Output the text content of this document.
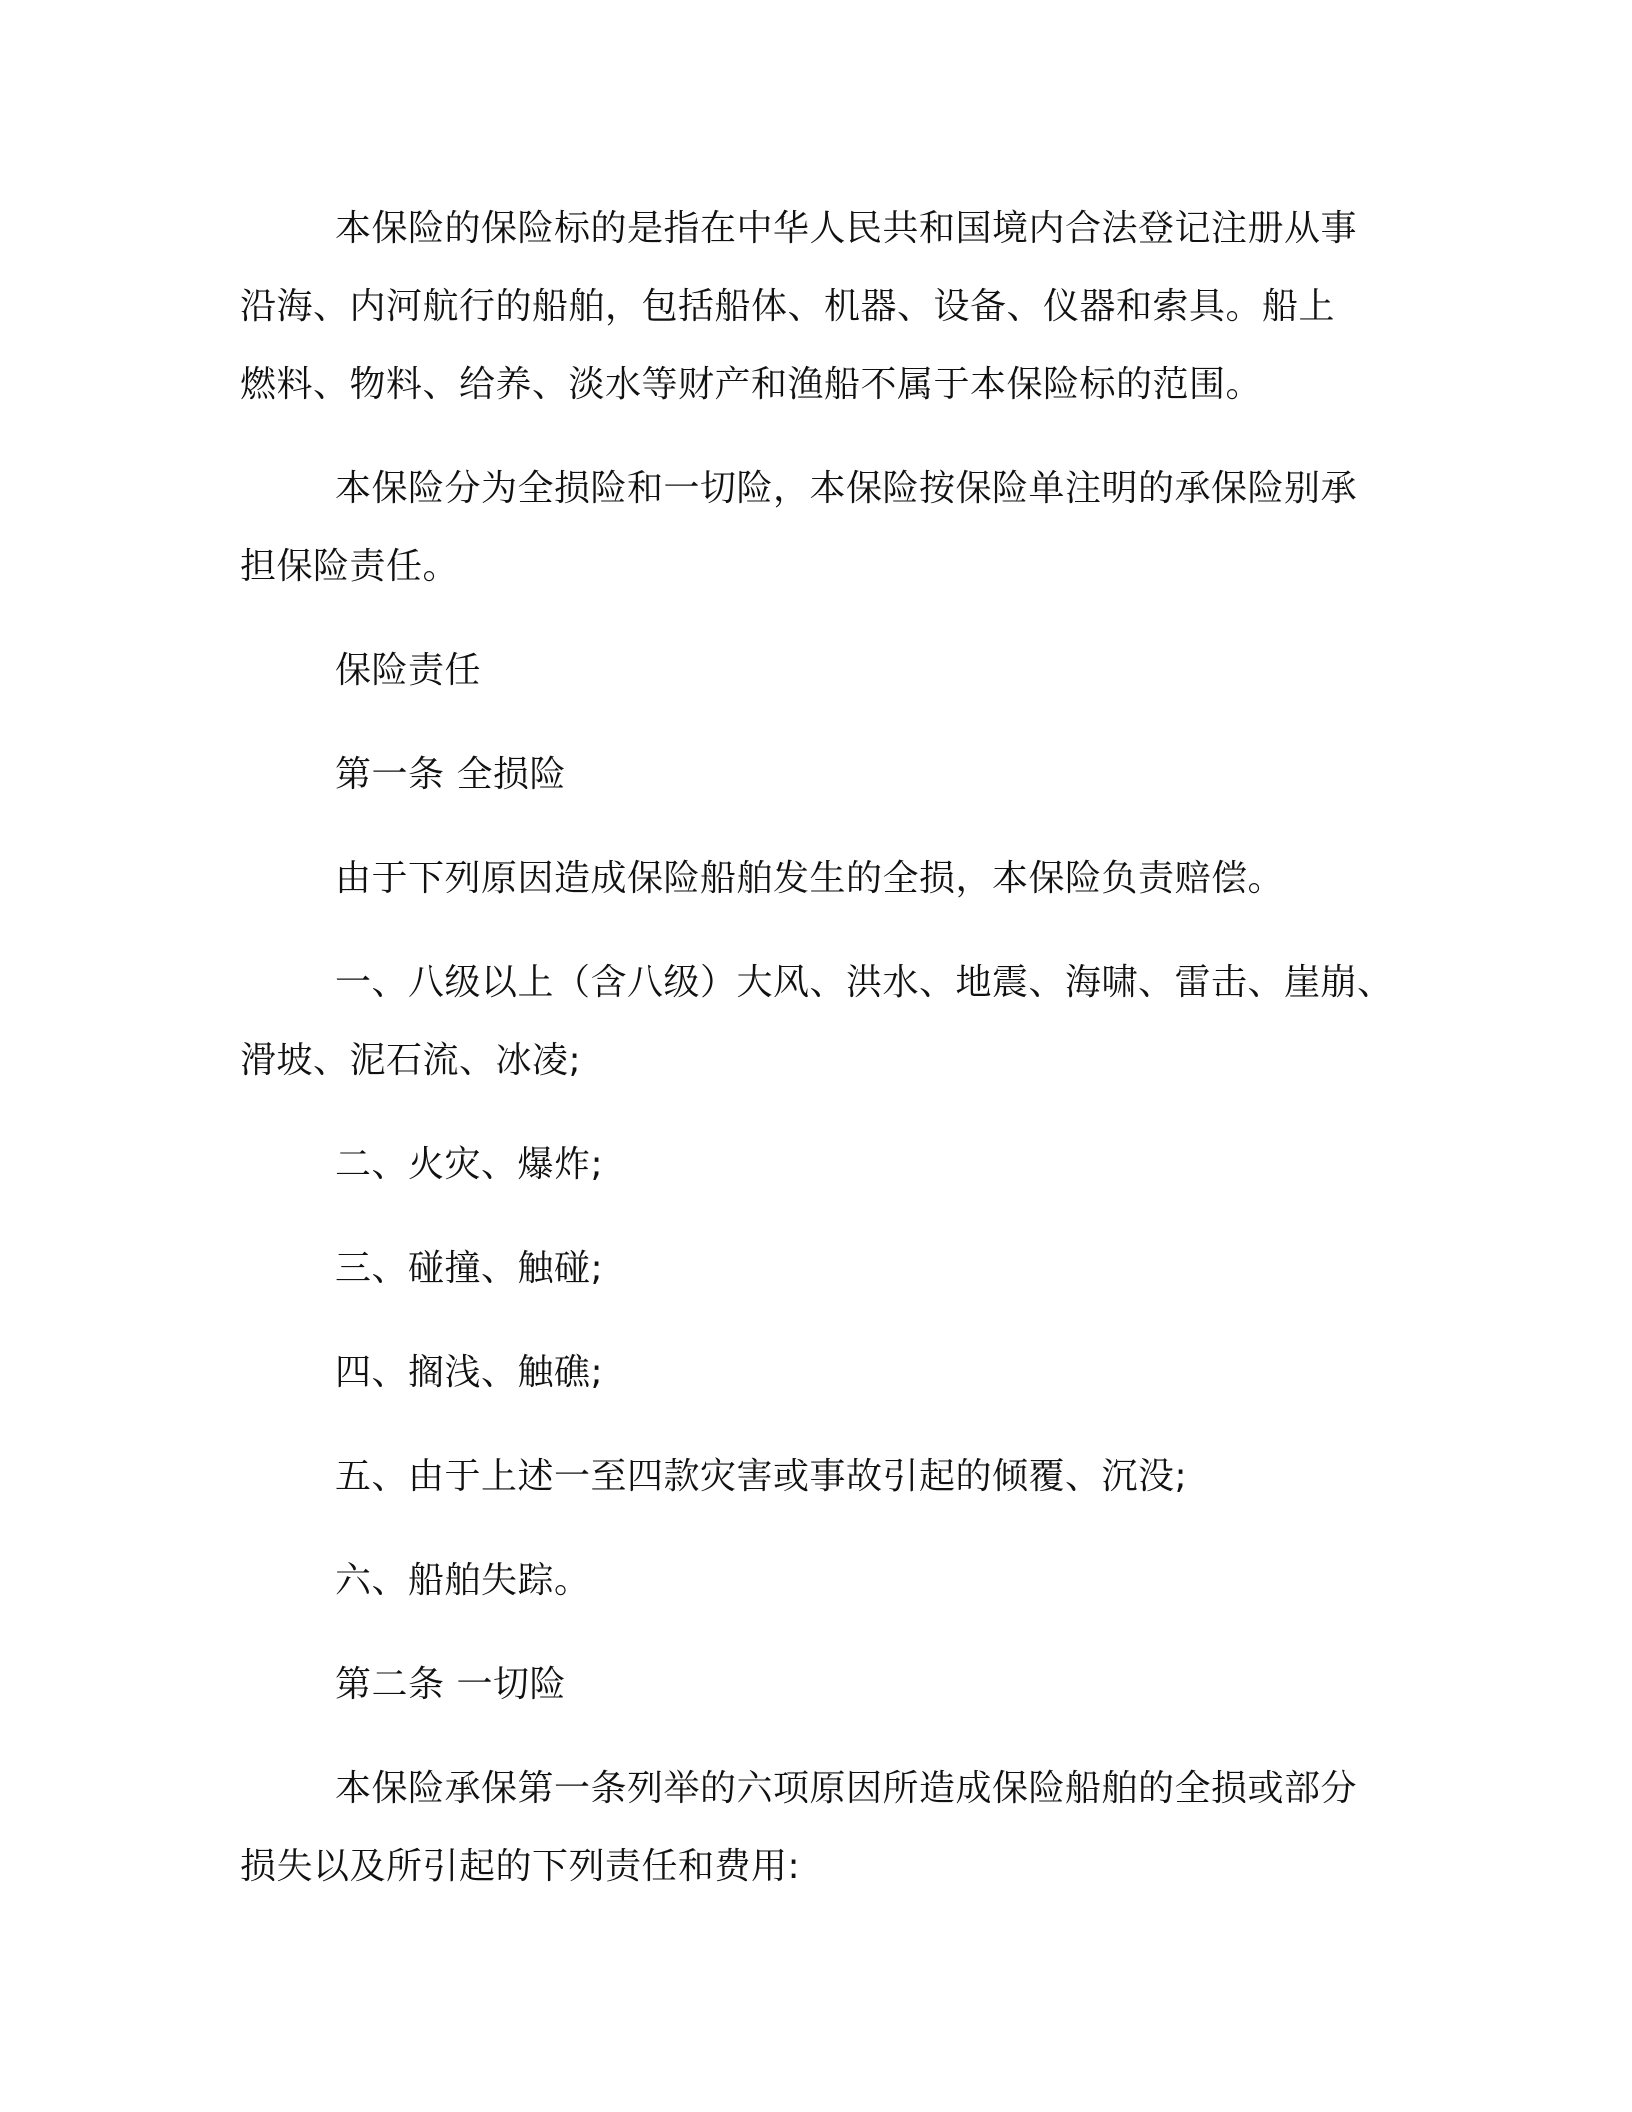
本保险的保险标的是指在中华人民共和国境内合法登记注册从事

沿海、内河航行的船舶，包括船体、机器、设备、仪器和索具。船上

燃料、物料、给养、淡水等财产和渔船不属于本保险标的范围。

本保险分为全损险和一切险，本保险按保险单注明的承保险别承

担保险责任。

保险责任

第一条 全损险

由于下列原因造成保险船舶发生的全损，本保险负责赔偿。

一、八级以上（含八级）大风、洪水、地震、海啸、雷击、崖崩、

滑坡、泥石流、冰凌;

二、火灾、爆炸;

三、碰撞、触碰;

四、搁浅、触礁;

五、由于上述一至四款灾害或事故引起的倾覆、沉没;

六、船舶失踪。

第二条 一切险

本保险承保第一条列举的六项原因所造成保险船舶的全损或部分

损失以及所引起的下列责任和费用:
